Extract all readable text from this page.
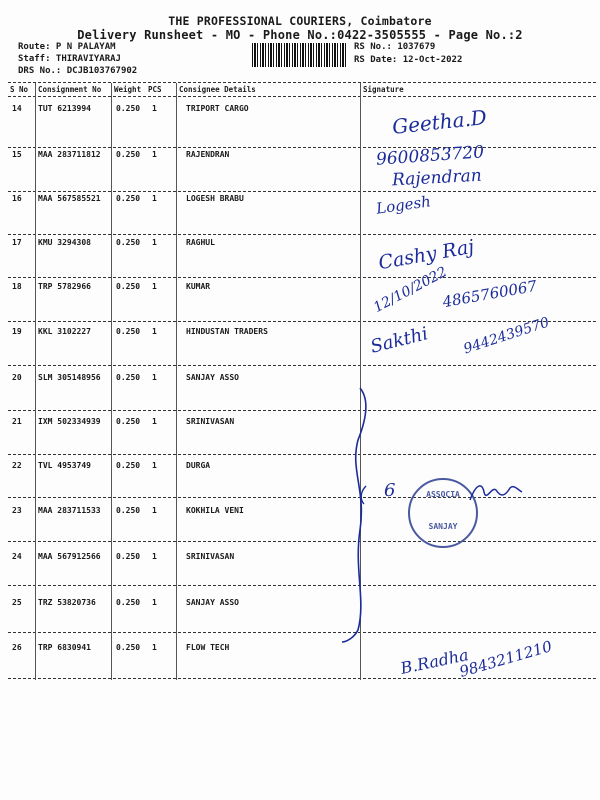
THE PROFESSIONAL COURIERS, Coimbatore
Delivery Runsheet - MO - Phone No.:0422-3505555 - Page No.:2
Route: P N PALAYAM
Staff: THIRAVIYARAJ
DRS No.: DCJB103767902
RS No.: 1037679
RS Date: 12-Oct-2022
S No Consignment No Weight PCS Consignee Details	Signature
14 TUT 6213994	0.250 1	TRIPORT CARGO
15 MAA 283711812 0.250 1	RAJENDRAN
16 MAA 567585521 0.250 1	LOGESH BRABU
17 KMU 3294308	0.250 1	RAGHUL
18 TRP 5782966	0.250 1	KUMAR
19 KKL 3102227	0.250 1	HINDUSTAN TRADERS
20 SLM 305148956 0.250 1	SANJAY ASSO
21 IXM 502334939 0.250 1	SRINIVASAN
22 TVL 4953749	0.250 1	DURGA
23 MAA 283711533 0.250 1	KOKHILA VENI
24 MAA 567912566 0.250 1	SRINIVASAN
25 TRZ 53820736	0.250 1	SANJAY ASSO
26 TRP 6830941	0.250 1	FLOW TECH
Geetha.D
9600853720
Rajendran
Logesh
Cashy Raj
12/10/2022
4865760067
Sakthi 9442439570
6	ASSOCIA
SANJAY
B.Radha
9843211210
